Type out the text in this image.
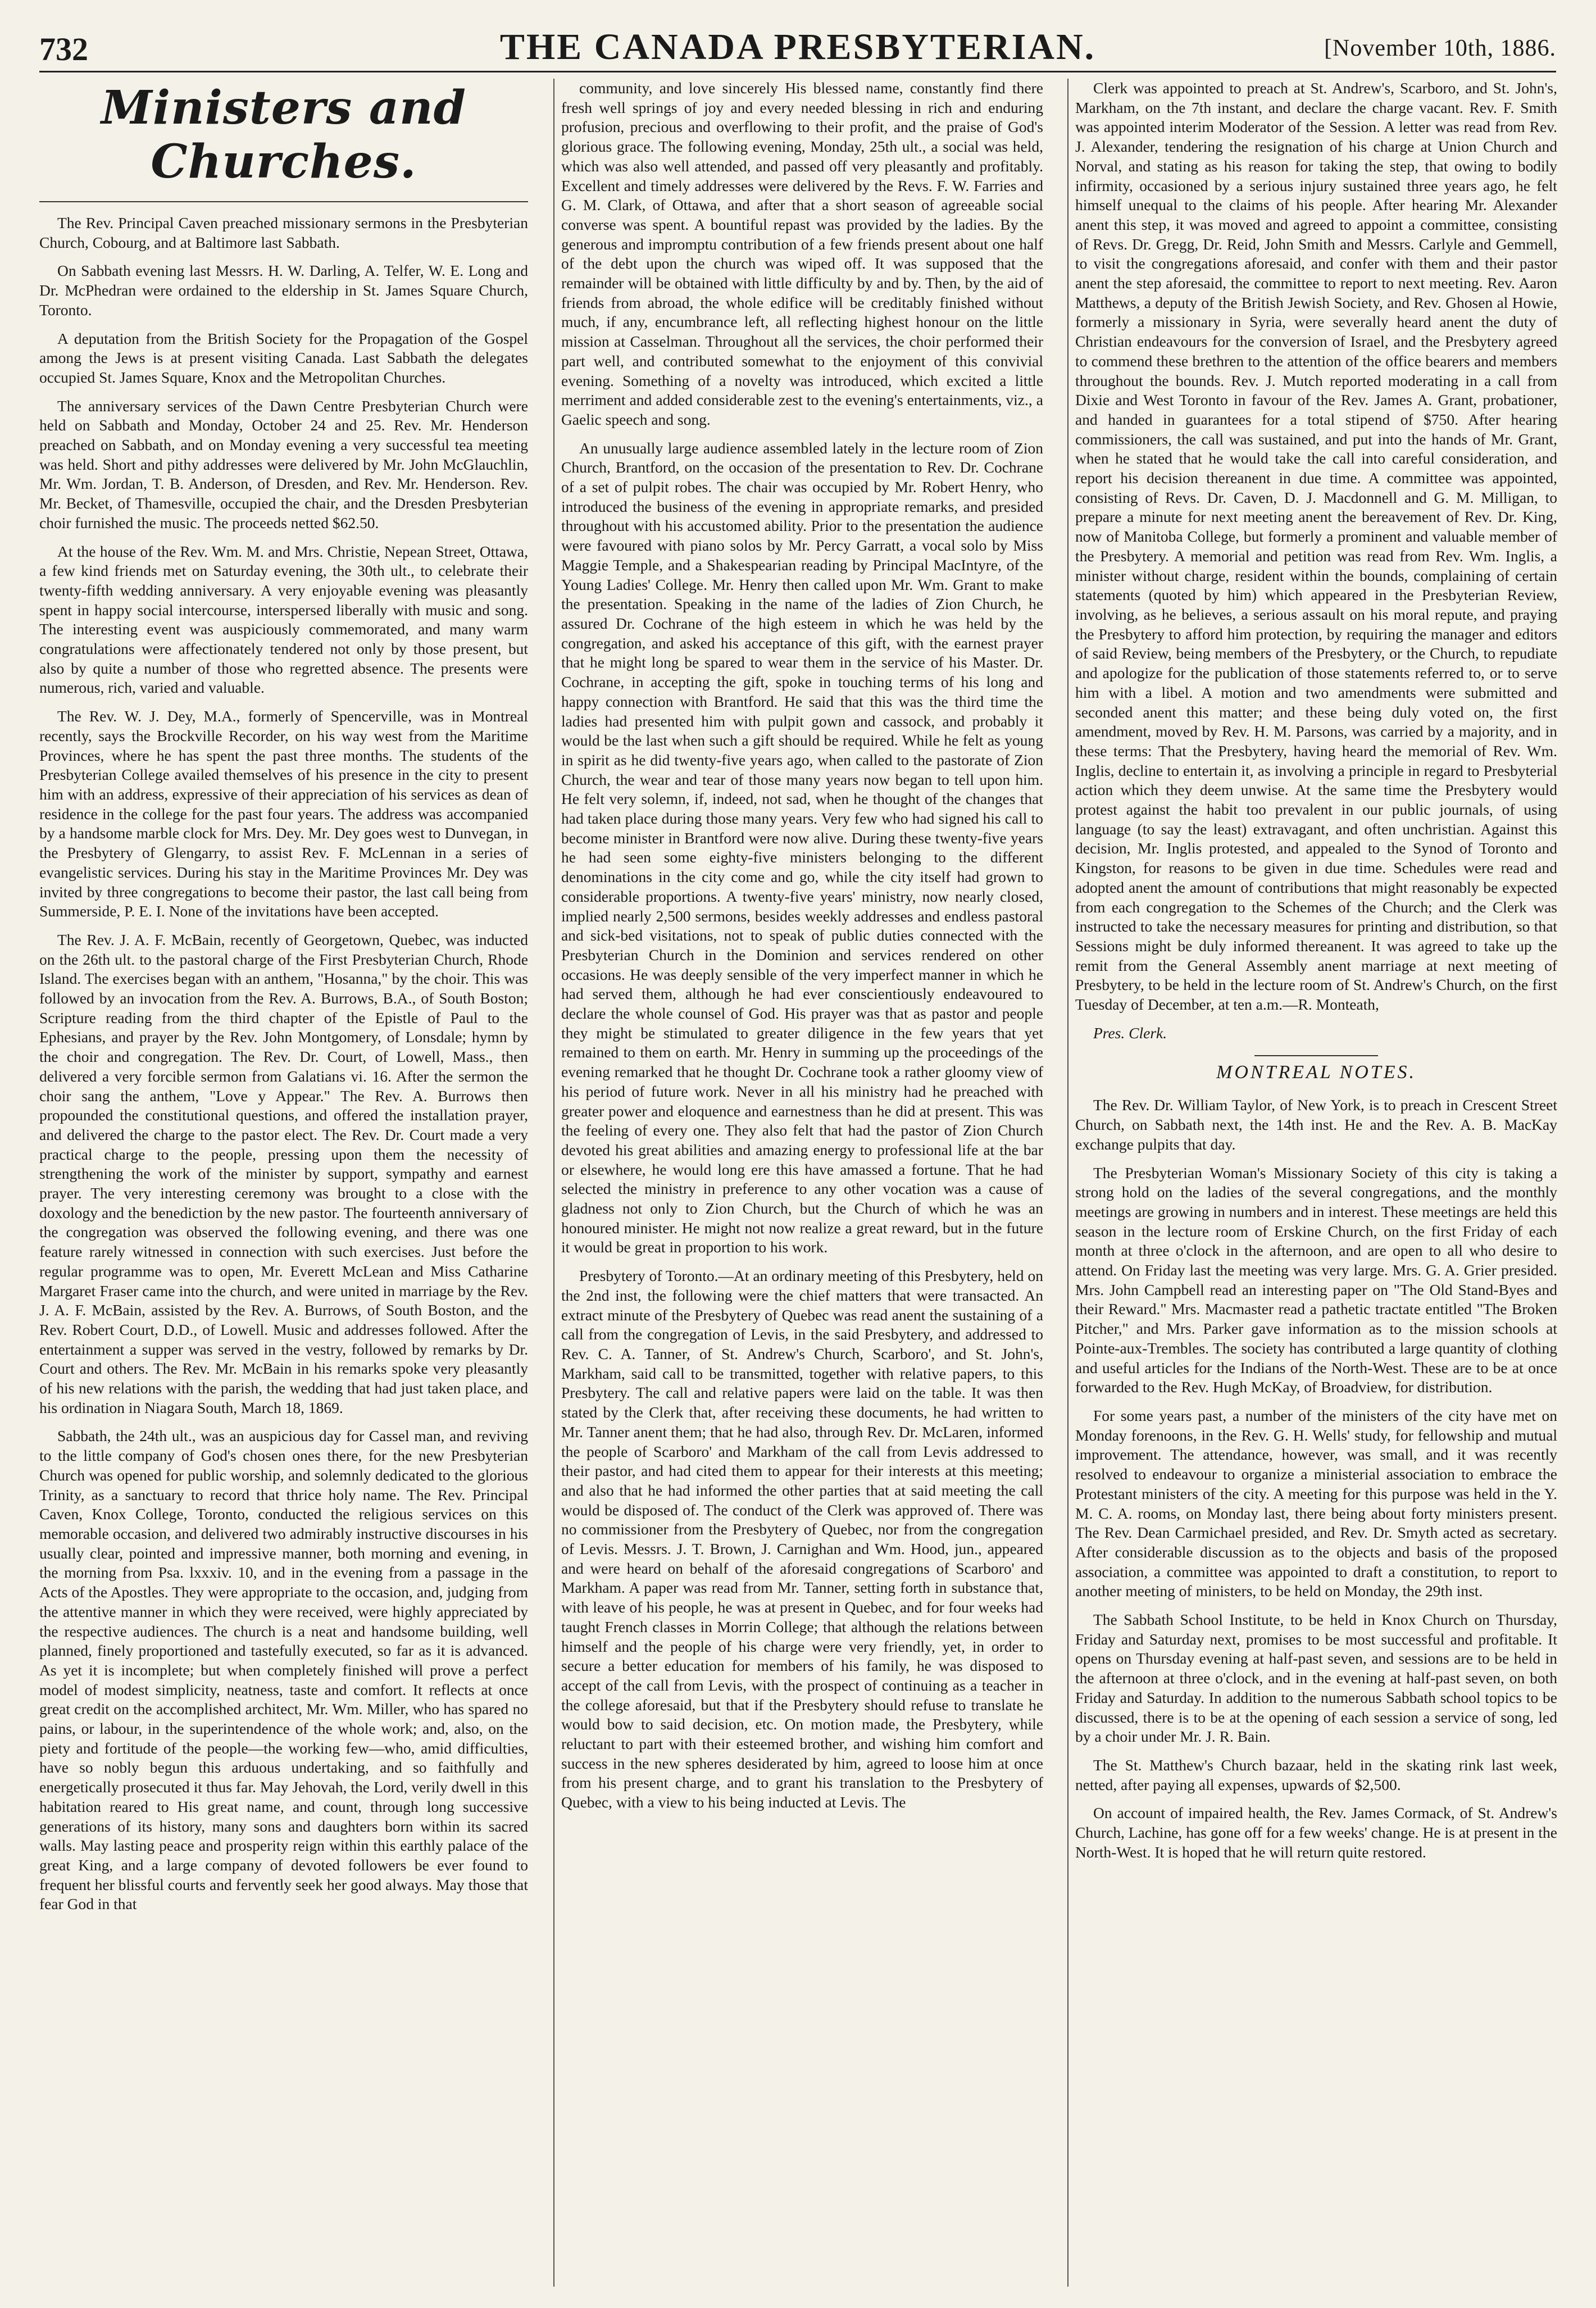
732	THE CANADA PRESBYTERIAN.	[November 10th, 1886.
Ministers and Churches.

The Rev. Principal Caven preached missionary sermons in the Presbyterian Church, Cobourg, and at Baltimore last Sabbath.

On Sabbath evening last Messrs. H. W. Darling, A. Telfer, W. E. Long and Dr. McPhedran were ordained to the eldership in St. James Square Church, Toronto.

A deputation from the British Society for the Propagation of the Gospel among the Jews is at present visiting Canada. Last Sabbath the delegates occupied St. James Square, Knox and the Metropolitan Churches.

The anniversary services of the Dawn Centre Presbyterian Church were held on Sabbath and Monday, October 24 and 25. Rev. Mr. Henderson preached on Sabbath, and on Monday evening a very successful tea meeting was held. Short and pithy addresses were delivered by Mr. John McGlauchlin, Mr. Wm. Jordan, T. B. Anderson, of Dresden, and Rev. Mr. Henderson. Rev. Mr. Becket, of Thamesville, occupied the chair, and the Dresden Presbyterian choir furnished the music. The proceeds netted $62.50.

At the house of the Rev. Wm. M. and Mrs. Christie, Nepean Street, Ottawa, a few kind friends met on Saturday evening, the 30th ult., to celebrate their twenty-fifth wedding anniversary. A very enjoyable evening was pleasantly spent in happy social intercourse, interspersed liberally with music and song. The interesting event was auspiciously commemorated, and many warm congratulations were affectionately tendered not only by those present, but also by quite a number of those who regretted absence. The presents were numerous, rich, varied and valuable.

The Rev. W. J. Dey, M.A., formerly of Spencerville, was in Montreal recently, says the Brockville Recorder, on his way west from the Maritime Provinces, where he has spent the past three months. The students of the Presbyterian College availed themselves of his presence in the city to present him with an address, expressive of their appreciation of his services as dean of residence in the college for the past four years. The address was accompanied by a handsome marble clock for Mrs. Dey. Mr. Dey goes west to Dunvegan, in the Presbytery of Glengarry, to assist Rev. F. McLennan in a series of evangelistic services. During his stay in the Maritime Provinces Mr. Dey was invited by three congregations to become their pastor, the last call being from Summerside, P. E. I. None of the invitations have been accepted.

The Rev. J. A. F. McBain, recently of Georgetown, Quebec, was inducted on the 26th ult. to the pastoral charge of the First Presbyterian Church, Rhode Island. The exercises began with an anthem, "Hosanna," by the choir. This was followed by an invocation from the Rev. A. Burrows, B.A., of South Boston; Scripture reading from the third chapter of the Epistle of Paul to the Ephesians, and prayer by the Rev. John Montgomery, of Lonsdale; hymn by the choir and congregation. The Rev. Dr. Court, of Lowell, Mass., then delivered a very forcible sermon from Galatians vi. 16. After the sermon the choir sang the anthem, "Love y Appear." The Rev. A. Burrows then propounded the constitutional questions, and offered the installation prayer, and delivered the charge to the pastor elect. The Rev. Dr. Court made a very practical charge to the people, pressing upon them the necessity of strengthening the work of the minister by support, sympathy and earnest prayer. The very interesting ceremony was brought to a close with the doxology and the benediction by the new pastor. The fourteenth anniversary of the congregation was observed the following evening, and there was one feature rarely witnessed in connection with such exercises. Just before the regular programme was to open, Mr. Everett McLean and Miss Catharine Margaret Fraser came into the church, and were united in marriage by the Rev. J. A. F. McBain, assisted by the Rev. A. Burrows, of South Boston, and the Rev. Robert Court, D.D., of Lowell. Music and addresses followed. After the entertainment a supper was served in the vestry, followed by remarks by Dr. Court and others. The Rev. Mr. McBain in his remarks spoke very pleasantly of his new relations with the parish, the wedding that had just taken place, and his ordination in Niagara South, March 18, 1869.

Sabbath, the 24th ult., was an auspicious day for Cassel man, and reviving to the little company of God's chosen ones there, for the new Presbyterian Church was opened for public worship, and solemnly dedicated to the glorious Trinity, as a sanctuary to record that thrice holy name. The Rev. Principal Caven, Knox College, Toronto, conducted the religious services on this memorable occasion, and delivered two admirably instructive discourses in his usually clear, pointed and impressive manner, both morning and evening, in the morning from Psa. lxxxiv. 10, and in the evening from a passage in the Acts of the Apostles. They were appropriate to the occasion, and, judging from the attentive manner in which they were received, were highly appreciated by the respective audiences. The church is a neat and handsome building, well planned, finely proportioned and tastefully executed, so far as it is advanced. As yet it is incomplete; but when completely finished will prove a perfect model of modest simplicity, neatness, taste and comfort. It reflects at once great credit on the accomplished architect, Mr. Wm. Miller, who has spared no pains, or labour, in the superintendence of the whole work; and, also, on the piety and fortitude of the people—the working few—who, amid difficulties, have so nobly begun this arduous undertaking, and so faithfully and energetically prosecuted it thus far. May Jehovah, the Lord, verily dwell in this habitation reared to His great name, and count, through long successive generations of its history, many sons and daughters born within its sacred walls. May lasting peace and prosperity reign within this earthly palace of the great King, and a large company of devoted followers be ever found to frequent her blissful courts and fervently seek her good always. May those that fear God in that

community, and love sincerely His blessed name, constantly find there fresh well springs of joy and every needed blessing in rich and enduring profusion, precious and overflowing to their profit, and the praise of God's glorious grace. The following evening, Monday, 25th ult., a social was held, which was also well attended, and passed off very pleasantly and profitably. Excellent and timely addresses were delivered by the Revs. F. W. Farries and G. M. Clark, of Ottawa, and after that a short season of agreeable social converse was spent. A bountiful repast was provided by the ladies. By the generous and impromptu contribution of a few friends present about one half of the debt upon the church was wiped off. It was supposed that the remainder will be obtained with little difficulty by and by. Then, by the aid of friends from abroad, the whole edifice will be creditably finished without much, if any, encumbrance left, all reflecting highest honour on the little mission at Casselman. Throughout all the services, the choir performed their part well, and contributed somewhat to the enjoyment of this convivial evening. Something of a novelty was introduced, which excited a little merriment and added considerable zest to the evening's entertainments, viz., a Gaelic speech and song.

An unusually large audience assembled lately in the lecture room of Zion Church, Brantford, on the occasion of the presentation to Rev. Dr. Cochrane of a set of pulpit robes. The chair was occupied by Mr. Robert Henry, who introduced the business of the evening in appropriate remarks, and presided throughout with his accustomed ability. Prior to the presentation the audience were favoured with piano solos by Mr. Percy Garratt, a vocal solo by Miss Maggie Temple, and a Shakespearian reading by Principal MacIntyre, of the Young Ladies' College. Mr. Henry then called upon Mr. Wm. Grant to make the presentation. Speaking in the name of the ladies of Zion Church, he assured Dr. Cochrane of the high esteem in which he was held by the congregation, and asked his acceptance of this gift, with the earnest prayer that he might long be spared to wear them in the service of his Master. Dr. Cochrane, in accepting the gift, spoke in touching terms of his long and happy connection with Brantford. He said that this was the third time the ladies had presented him with pulpit gown and cassock, and probably it would be the last when such a gift should be required. While he felt as young in spirit as he did twenty-five years ago, when called to the pastorate of Zion Church, the wear and tear of those many years now began to tell upon him. He felt very solemn, if, indeed, not sad, when he thought of the changes that had taken place during those many years. Very few who had signed his call to become minister in Brantford were now alive. During these twenty-five years he had seen some eighty-five ministers belonging to the different denominations in the city come and go, while the city itself had grown to considerable proportions. A twenty-five years' ministry, now nearly closed, implied nearly 2,500 sermons, besides weekly addresses and endless pastoral and sick-bed visitations, not to speak of public duties connected with the Presbyterian Church in the Dominion and services rendered on other occasions. He was deeply sensible of the very imperfect manner in which he had served them, although he had ever conscientiously endeavoured to declare the whole counsel of God. His prayer was that as pastor and people they might be stimulated to greater diligence in the few years that yet remained to them on earth. Mr. Henry in summing up the proceedings of the evening remarked that he thought Dr. Cochrane took a rather gloomy view of his period of future work. Never in all his ministry had he preached with greater power and eloquence and earnestness than he did at present. This was the feeling of every one. They also felt that had the pastor of Zion Church devoted his great abilities and amazing energy to professional life at the bar or elsewhere, he would long ere this have amassed a fortune. That he had selected the ministry in preference to any other vocation was a cause of gladness not only to Zion Church, but the Church of which he was an honoured minister. He might not now realize a great reward, but in the future it would be great in proportion to his work.

Presbytery of Toronto.—At an ordinary meeting of this Presbytery, held on the 2nd inst, the following were the chief matters that were transacted. An extract minute of the Presbytery of Quebec was read anent the sustaining of a call from the congregation of Levis, in the said Presbytery, and addressed to Rev. C. A. Tanner, of St. Andrew's Church, Scarboro', and St. John's, Markham, said call to be transmitted, together with relative papers, to this Presbytery. The call and relative papers were laid on the table. It was then stated by the Clerk that, after receiving these documents, he had written to Mr. Tanner anent them; that he had also, through Rev. Dr. McLaren, informed the people of Scarboro' and Markham of the call from Levis addressed to their pastor, and had cited them to appear for their interests at this meeting; and also that he had informed the other parties that at said meeting the call would be disposed of. The conduct of the Clerk was approved of. There was no commissioner from the Presbytery of Quebec, nor from the congregation of Levis. Messrs. J. T. Brown, J. Carnighan and Wm. Hood, jun., appeared and were heard on behalf of the aforesaid congregations of Scarboro' and Markham. A paper was read from Mr. Tanner, setting forth in substance that, with leave of his people, he was at present in Quebec, and for four weeks had taught French classes in Morrin College; that although the relations between himself and the people of his charge were very friendly, yet, in order to secure a better education for members of his family, he was disposed to accept of the call from Levis, with the prospect of continuing as a teacher in the college aforesaid, but that if the Presbytery should refuse to translate he would bow to said decision, etc. On motion made, the Presbytery, while reluctant to part with their esteemed brother, and wishing him comfort and success in the new spheres desiderated by him, agreed to loose him at once from his present charge, and to grant his translation to the Presbytery of Quebec, with a view to his being inducted at Levis. The

Clerk was appointed to preach at St. Andrew's, Scarboro, and St. John's, Markham, on the 7th instant, and declare the charge vacant. Rev. F. Smith was appointed interim Moderator of the Session. A letter was read from Rev. J. Alexander, tendering the resignation of his charge at Union Church and Norval, and stating as his reason for taking the step, that owing to bodily infirmity, occasioned by a serious injury sustained three years ago, he felt himself unequal to the claims of his people. After hearing Mr. Alexander anent this step, it was moved and agreed to appoint a committee, consisting of Revs. Dr. Gregg, Dr. Reid, John Smith and Messrs. Carlyle and Gemmell, to visit the congregations aforesaid, and confer with them and their pastor anent the step aforesaid, the committee to report to next meeting. Rev. Aaron Matthews, a deputy of the British Jewish Society, and Rev. Ghosen al Howie, formerly a missionary in Syria, were severally heard anent the duty of Christian endeavours for the conversion of Israel, and the Presbytery agreed to commend these brethren to the attention of the office bearers and members throughout the bounds. Rev. J. Mutch reported moderating in a call from Dixie and West Toronto in favour of the Rev. James A. Grant, probationer, and handed in guarantees for a total stipend of $750. After hearing commissioners, the call was sustained, and put into the hands of Mr. Grant, when he stated that he would take the call into careful consideration, and report his decision thereanent in due time. A committee was appointed, consisting of Revs. Dr. Caven, D. J. Macdonnell and G. M. Milligan, to prepare a minute for next meeting anent the bereavement of Rev. Dr. King, now of Manitoba College, but formerly a prominent and valuable member of the Presbytery. A memorial and petition was read from Rev. Wm. Inglis, a minister without charge, resident within the bounds, complaining of certain statements (quoted by him) which appeared in the Presbyterian Review, involving, as he believes, a serious assault on his moral repute, and praying the Presbytery to afford him protection, by requiring the manager and editors of said Review, being members of the Presbytery, or the Church, to repudiate and apologize for the publication of those statements referred to, or to serve him with a libel. A motion and two amendments were submitted and seconded anent this matter; and these being duly voted on, the first amendment, moved by Rev. H. M. Parsons, was carried by a majority, and in these terms: That the Presbytery, having heard the memorial of Rev. Wm. Inglis, decline to entertain it, as involving a principle in regard to Presbyterial action which they deem unwise. At the same time the Presbytery would protest against the habit too prevalent in our public journals, of using language (to say the least) extravagant, and often unchristian. Against this decision, Mr. Inglis protested, and appealed to the Synod of Toronto and Kingston, for reasons to be given in due time. Schedules were read and adopted anent the amount of contributions that might reasonably be expected from each congregation to the Schemes of the Church; and the Clerk was instructed to take the necessary measures for printing and distribution, so that Sessions might be duly informed thereanent. It was agreed to take up the remit from the General Assembly anent marriage at next meeting of Presbytery, to be held in the lecture room of St. Andrew's Church, on the first Tuesday of December, at ten a.m.—R. Monteath,

Pres. Clerk.

MONTREAL NOTES.

The Rev. Dr. William Taylor, of New York, is to preach in Crescent Street Church, on Sabbath next, the 14th inst. He and the Rev. A. B. MacKay exchange pulpits that day.

The Presbyterian Woman's Missionary Society of this city is taking a strong hold on the ladies of the several congregations, and the monthly meetings are growing in numbers and in interest. These meetings are held this season in the lecture room of Erskine Church, on the first Friday of each month at three o'clock in the afternoon, and are open to all who desire to attend. On Friday last the meeting was very large. Mrs. G. A. Grier presided. Mrs. John Campbell read an interesting paper on "The Old Stand-Byes and their Reward." Mrs. Macmaster read a pathetic tractate entitled "The Broken Pitcher," and Mrs. Parker gave information as to the mission schools at Pointe-aux-Trembles. The society has contributed a large quantity of clothing and useful articles for the Indians of the North-West. These are to be at once forwarded to the Rev. Hugh McKay, of Broadview, for distribution.

For some years past, a number of the ministers of the city have met on Monday forenoons, in the Rev. G. H. Wells' study, for fellowship and mutual improvement. The attendance, however, was small, and it was recently resolved to endeavour to organize a ministerial association to embrace the Protestant ministers of the city. A meeting for this purpose was held in the Y. M. C. A. rooms, on Monday last, there being about forty ministers present. The Rev. Dean Carmichael presided, and Rev. Dr. Smyth acted as secretary. After considerable discussion as to the objects and basis of the proposed association, a committee was appointed to draft a constitution, to report to another meeting of ministers, to be held on Monday, the 29th inst.

The Sabbath School Institute, to be held in Knox Church on Thursday, Friday and Saturday next, promises to be most successful and profitable. It opens on Thursday evening at half-past seven, and sessions are to be held in the afternoon at three o'clock, and in the evening at half-past seven, on both Friday and Saturday. In addition to the numerous Sabbath school topics to be discussed, there is to be at the opening of each session a service of song, led by a choir under Mr. J. R. Bain.

The St. Matthew's Church bazaar, held in the skating rink last week, netted, after paying all expenses, upwards of $2,500.

On account of impaired health, the Rev. James Cormack, of St. Andrew's Church, Lachine, has gone off for a few weeks' change. He is at present in the North-West. It is hoped that he will return quite restored.
